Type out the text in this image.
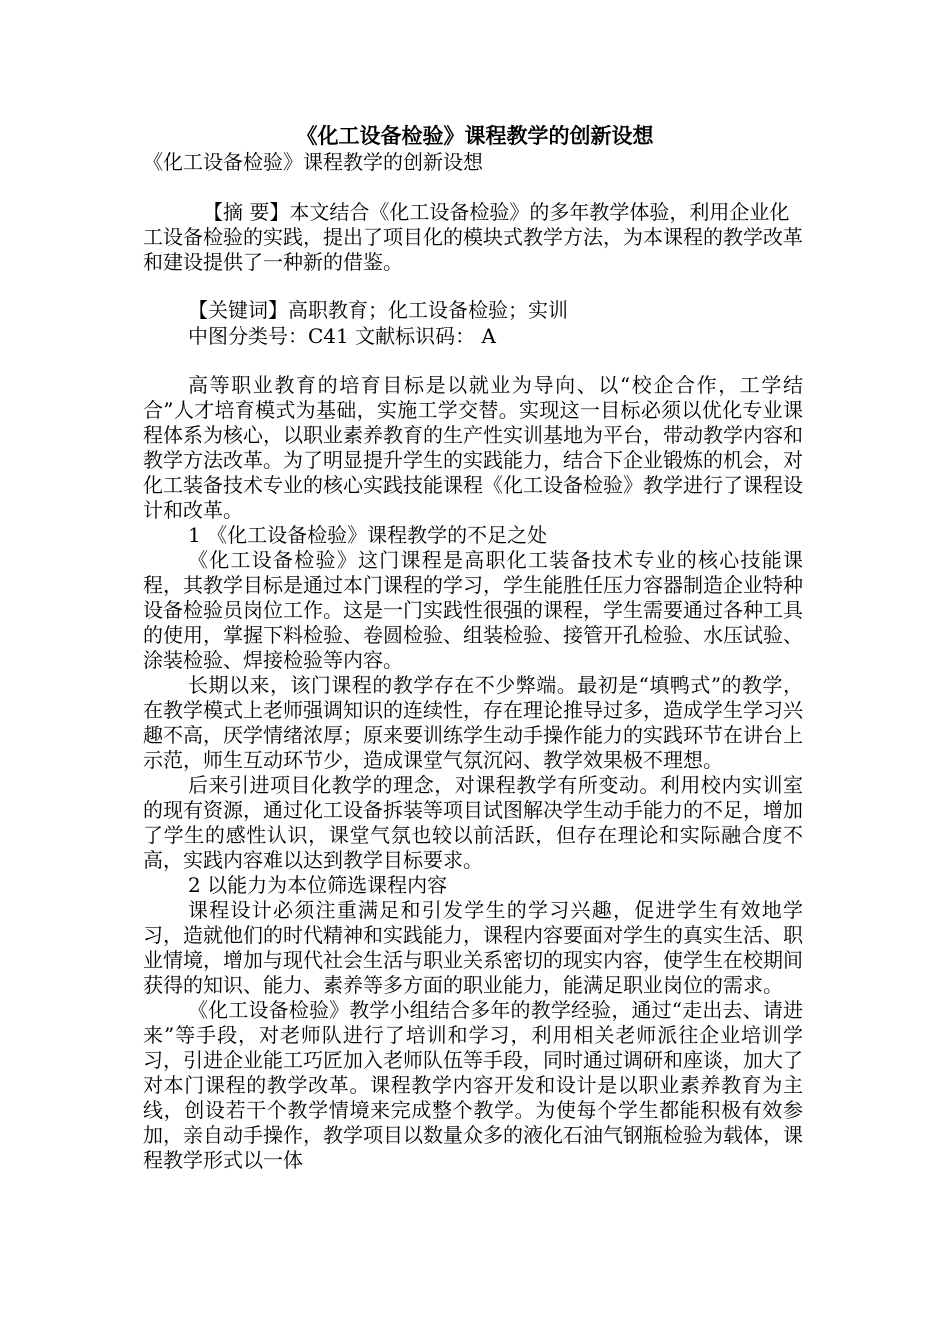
《化工设备检验》课程教学的创新设想
《化工设备检验》课程教学的创新设想

【摘 要】本文结合《化工设备检验》的多年教学体验，利用企业化工设备检验的实践，提出了项目化的模块式教学方法，为本课程的教学改革和建设提供了一种新的借鉴。

【关键词】高职教育；化工设备检验；实训
中图分类号：C41 文献标识码： A

高等职业教育的培育目标是以就业为导向、以“校企合作，工学结合”人才培育模式为基础，实施工学交替。实现这一目标必须以优化专业课程体系为核心，以职业素养教育的生产性实训基地为平台，带动教学内容和教学方法改革。为了明显提升学生的实践能力，结合下企业锻炼的机会，对化工装备技术专业的核心实践技能课程《化工设备检验》教学进行了课程设计和改革。

1 《化工设备检验》课程教学的不足之处

《化工设备检验》这门课程是高职化工装备技术专业的核心技能课程，其教学目标是通过本门课程的学习，学生能胜任压力容器制造企业特种设备检验员岗位工作。这是一门实践性很强的课程，学生需要通过各种工具的使用，掌握下料检验、卷圆检验、组装检验、接管开孔检验、水压试验、涂装检验、焊接检验等内容。

长期以来，该门课程的教学存在不少弊端。最初是“填鸭式”的教学，在教学模式上老师强调知识的连续性，存在理论推导过多，造成学生学习兴趣不高，厌学情绪浓厚；原来要训练学生动手操作能力的实践环节在讲台上示范，师生互动环节少，造成课堂气氛沉闷、教学效果极不理想。

后来引进项目化教学的理念，对课程教学有所变动。利用校内实训室的现有资源，通过化工设备拆装等项目试图解决学生动手能力的不足，增加了学生的感性认识，课堂气氛也较以前活跃，但存在理论和实际融合度不高，实践内容难以达到教学目标要求。

2 以能力为本位筛选课程内容

课程设计必须注重满足和引发学生的学习兴趣，促进学生有效地学习，造就他们的时代精神和实践能力，课程内容要面对学生的真实生活、职业情境，增加与现代社会生活与职业关系密切的现实内容，使学生在校期间获得的知识、能力、素养等多方面的职业能力，能满足职业岗位的需求。

《化工设备检验》教学小组结合多年的教学经验，通过“走出去、请进来”等手段，对老师队进行了培训和学习，利用相关老师派往企业培训学习，引进企业能工巧匠加入老师队伍等手段，同时通过调研和座谈，加大了对本门课程的教学改革。课程教学内容开发和设计是以职业素养教育为主线，创设若干个教学情境来完成整个教学。为使每个学生都能积极有效参加，亲自动手操作，教学项目以数量众多的液化石油气钢瓶检验为载体，课程教学形式以一体
